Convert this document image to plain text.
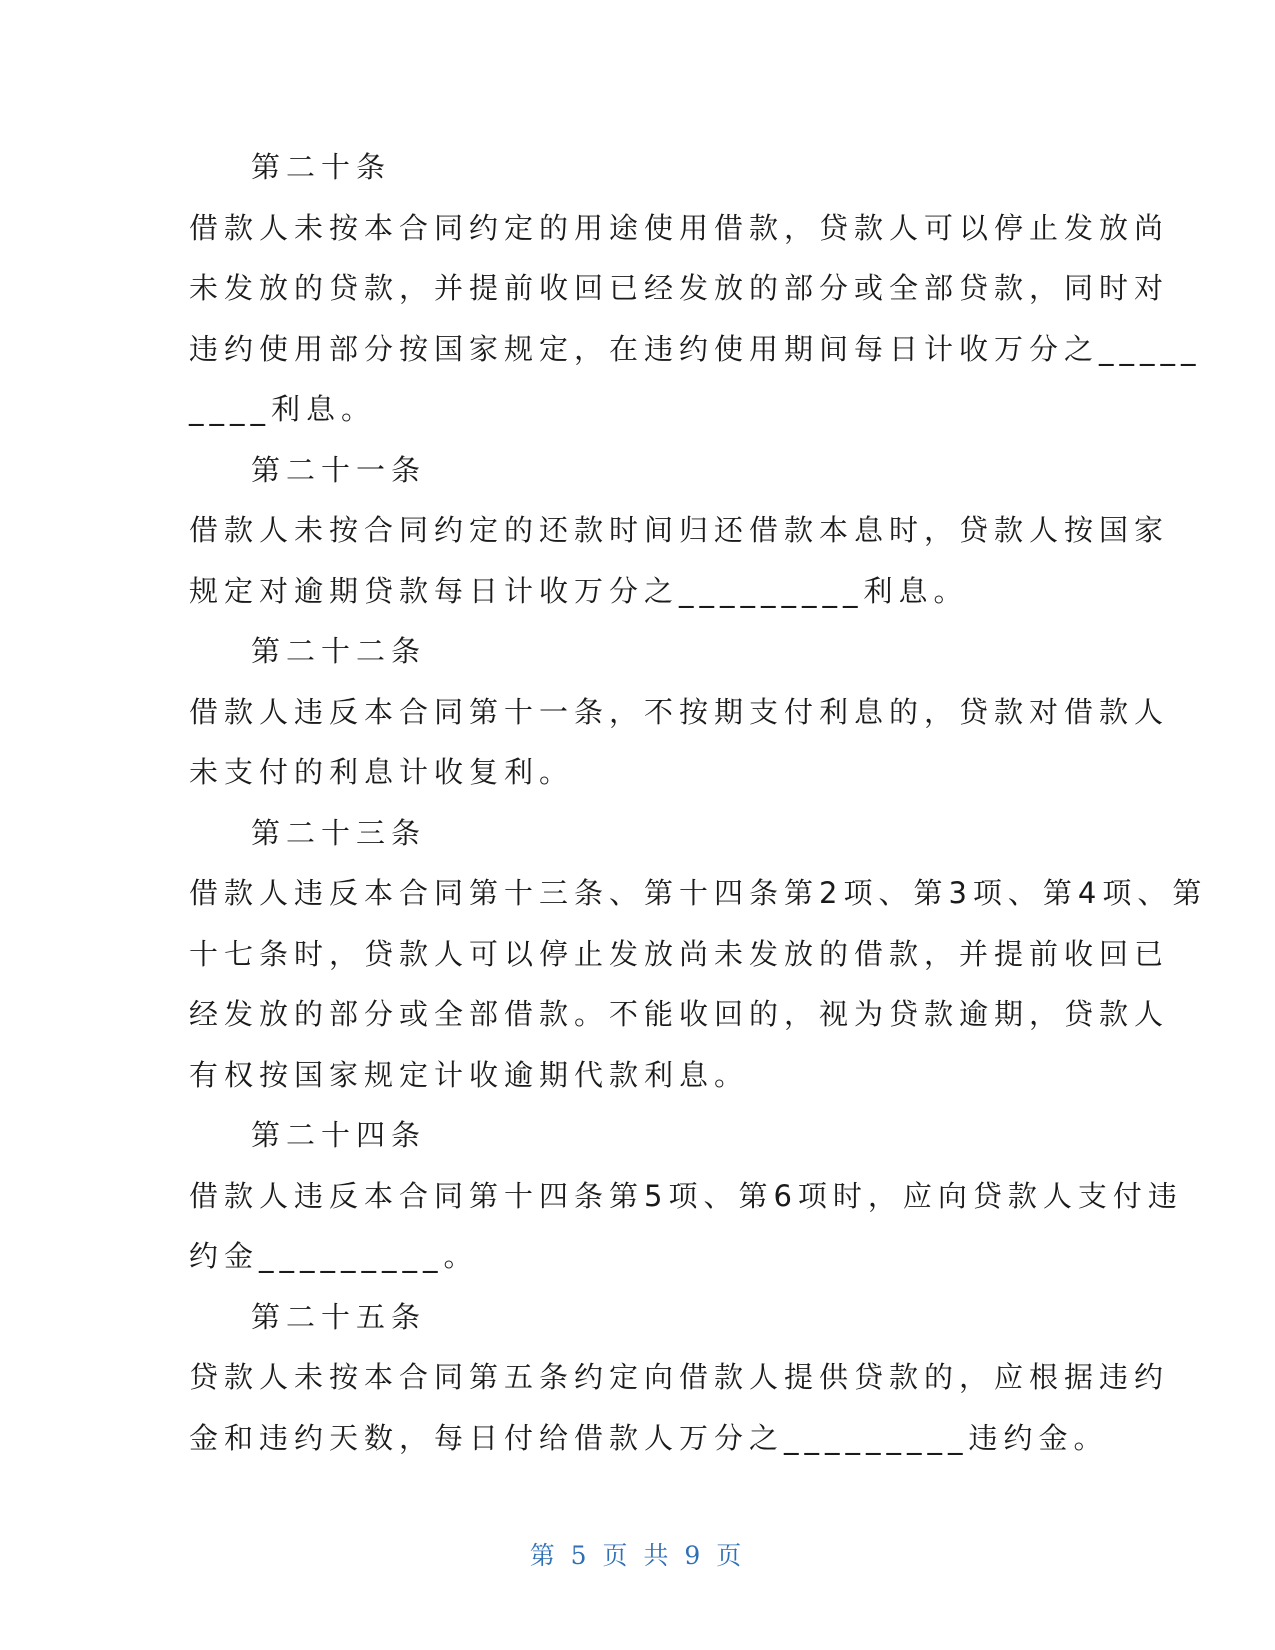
第二十条
借款人未按本合同约定的用途使用借款，贷款人可以停止发放尚
未发放的贷款，并提前收回已经发放的部分或全部贷款，同时对
违约使用部分按国家规定，在违约使用期间每日计收万分之_____
____利息。
第二十一条
借款人未按合同约定的还款时间归还借款本息时，贷款人按国家
规定对逾期贷款每日计收万分之_________利息。
第二十二条
借款人违反本合同第十一条，不按期支付利息的，贷款对借款人
未支付的利息计收复利。
第二十三条
借款人违反本合同第十三条、第十四条第2项、第3项、第4项、第
十七条时，贷款人可以停止发放尚未发放的借款，并提前收回已
经发放的部分或全部借款。不能收回的，视为贷款逾期，贷款人
有权按国家规定计收逾期代款利息。
第二十四条
借款人违反本合同第十四条第5项、第6项时，应向贷款人支付违
约金_________。
第二十五条
贷款人未按本合同第五条约定向借款人提供贷款的，应根据违约
金和违约天数，每日付给借款人万分之_________违约金。
第 5 页 共 9 页
